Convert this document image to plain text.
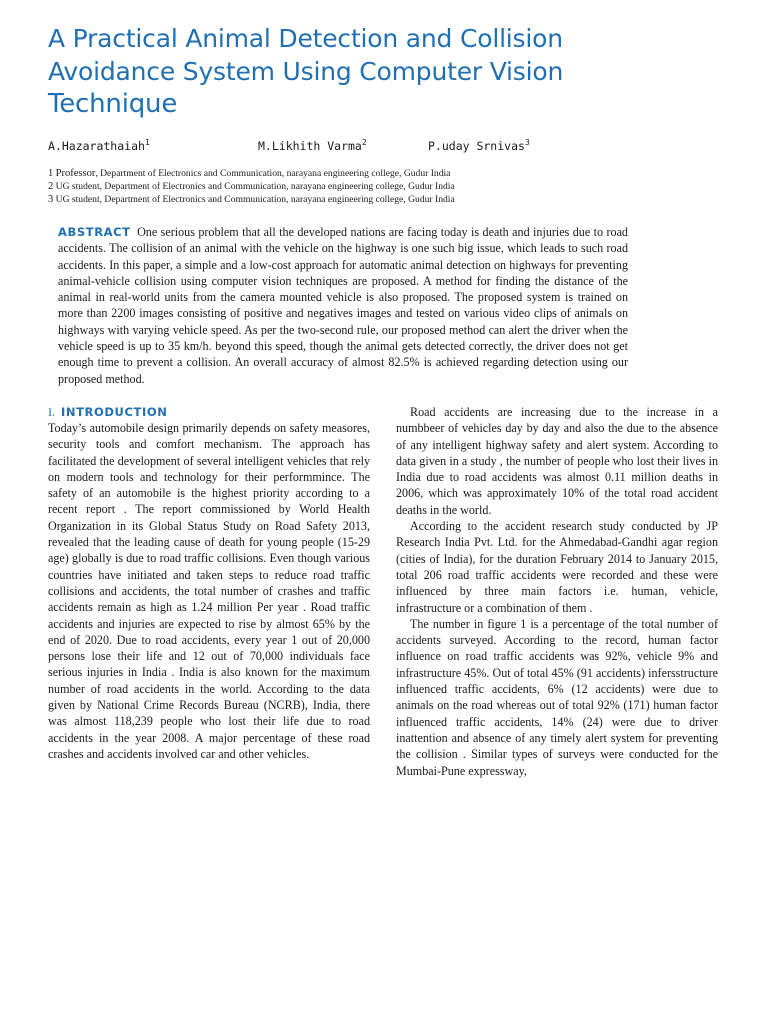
A Practical Animal Detection and Collision
Avoidance System Using Computer Vision
Technique
A.Hazarathaiah$^1$	M.Likhith Varma$^2$	P.uday Srnivas$^3$
1 Professor, Department of Electronics and Communication, narayana engineering college, Gudur India
2 UG student, Department of Electronics and Communication, narayana engineering college, Gudur India
3 UG student, Department of Electronics and Communication, narayana engineering college, Gudur India
ABSTRACT One serious problem that all the developed nations are facing today is death and injuries due to road accidents. The collision of an animal with the vehicle on the highway is one such big issue, which leads to such road accidents. In this paper, a simple and a low-cost approach for automatic animal detection on highways for preventing animal-vehicle collision using computer vision techniques are proposed. A method for finding the distance of the animal in real-world units from the camera mounted vehicle is also proposed. The proposed system is trained on more than 2200 images consisting of positive and negatives images and tested on various video clips of animals on highways with varying vehicle speed. As per the two-second rule, our proposed method can alert the driver when the vehicle speed is up to 35 km/h. beyond this speed, though the animal gets detected correctly, the driver does not get enough time to prevent a collision. An overall accuracy of almost 82.5% is achieved regarding detection using our proposed method.
I. INTRODUCTION

Today’s automobile design primarily depends on safety measores, security tools and comfort mechanism. The approach has facilitated the development of several intelligent vehicles that rely on modern tools and technology for their performmince. The safety of an automobile is the highest priority according to a recent report . The report commissioned by World Health Organization in its Global Status Study on Road Safety 2013, revealed that the leading cause of death for young people (15-29 age) globally is due to road traffic collisions. Even though various countries have initiated and taken steps to reduce road traffic collisions and accidents, the total number of crashes and traffic accidents remain as high as 1.24 million Per year . Road traffic accidents and injuries are expected to rise by almost 65% by the end of 2020. Due to road accidents, every year 1 out of 20,000 persons lose their life and 12 out of 70,000 individuals face serious injuries in India . India is also known for the maximum number of road accidents in the world. According to the data given by National Crime Records Bureau (NCRB), India, there was almost 118,239 people who lost their life due to road accidents in the year 2008. A major percentage of these road crashes and accidents involved car and other vehicles.

Road accidents are increasing due to the increase in a numbbeer of vehicles day by day and also the due to the absence of any intelligent highway safety and alert system. According to data given in a study , the number of people who lost their lives in India due to road accidents was almost 0.11 million deaths in 2006, which was approximately 10% of the total road accident deaths in the world.

According to the accident research study conducted by JP Research India Pvt. Ltd. for the Ahmedabad-Gandhi agar region (cities of India), for the duration February 2014 to January 2015, total 206 road traffic accidents were recorded and these were influenced by three main factors i.e. human, vehicle, infrastructure or a combination of them .

The number in figure 1 is a percentage of the total number of accidents surveyed. According to the record, human factor influence on road traffic accidents was 92%, vehicle 9% and infrastructure 45%. Out of total 45% (91 accidents) infersstructure influenced traffic accidents, 6% (12 accidents) were due to animals on the road whereas out of total 92% (171) human factor influenced traffic accidents, 14% (24) were due to driver inattention and absence of any timely alert system for preventing the collision . Similar types of surveys were conducted for the Mumbai-Pune expressway,
